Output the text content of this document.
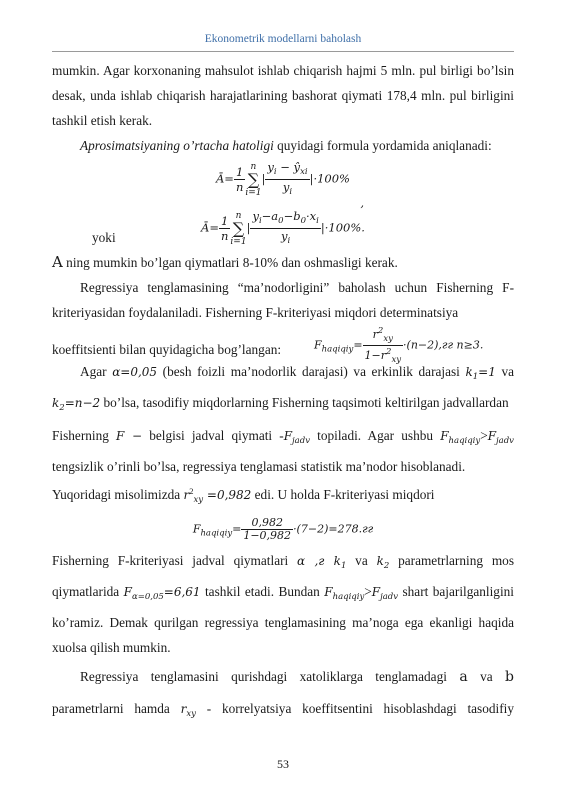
Ekonometrik modellarni baholash

mumkin. Agar korxonaning mahsulot ishlab chiqarish hajmi 5 mln. pul birligi bo’lsin desak, unda ishlab chiqarish harajatlarining bashorat qiymati 178,4 mln. pul birligini tashkil etish kerak.

Aprosimatsiyaning o’rtacha hatoligi quyidagi formula yordamida aniqlanadi:

Ā= $\frac{1}{n}$ n
∑
i=1
| $\frac{y_i - ŷ_{xi}}{y_i} |\cdot 100\%$
,
yoki
Ā= $\frac{1}{n}$ n
∑
i=1
| $\frac{y_i-a_0-b_0\cdot x_i}{y_i} |\cdot 100\%$.

A ning mumkin bo’lgan qiymatlari 8-10% dan oshmasligi kerak.

Regressiya tenglamasining “ma’nodorligini” baholash uchun Fisherning F-kriteriyasidan foydalaniladi. Fisherning F-kriteriyasi miqdori determinatsiya

koeffitsienti bilan quyidagicha bog’langan:	$F_{haqiqiy}= \frac{r^2_{xy}}{1-r^2_{xy}} \cdot(n-2),гг$ n≥3.

Agar α=0,05 (besh foizli ma’nodorlik darajasi) va erkinlik darajasi $k_1=1$ va

$k_2=n-2$ bo’lsa, tasodifiy miqdorlarning Fisherning taqsimoti keltirilgan jadvallardan

Fisherning F − belgisi jadval qiymati $-F_{jadv}$ topiladi. Agar ushbu $F_{haqiqiy}>F_{jadv}$

tengsizlik o’rinli bo’lsa, regressiya tenglamasi statistik ma’nodor hisoblanadi.

Yuqoridagi misolimizda $r^2_{xy} =0,982$ edi. U holda F-kriteriyasi miqdori

$F_{haqiqiy}= \frac{0,982}{1-0,982} \cdot(7-2)=278.гг$

Fisherning F-kriteriyasi jadval qiymatlari α ,г $k_1$ va $k_2$ parametrlarning mos

qiymatlarida $F_{\alpha=0,05}=6,61$ tashkil etadi. Bundan $F_{haqiqiy}>F_{jadv}$ shart bajarilganligini

ko’ramiz. Demak qurilgan regressiya tenglamasining ma’noga ega ekanligi haqida xuolsa qilish mumkin.

Regressiya tenglamasini qurishdagi xatoliklarga tenglamadagi a va b

parametrlarni hamda $r_{xy}$ - korrelyatsiya koeffitsentini hisoblashdagi tasodifiy

53
